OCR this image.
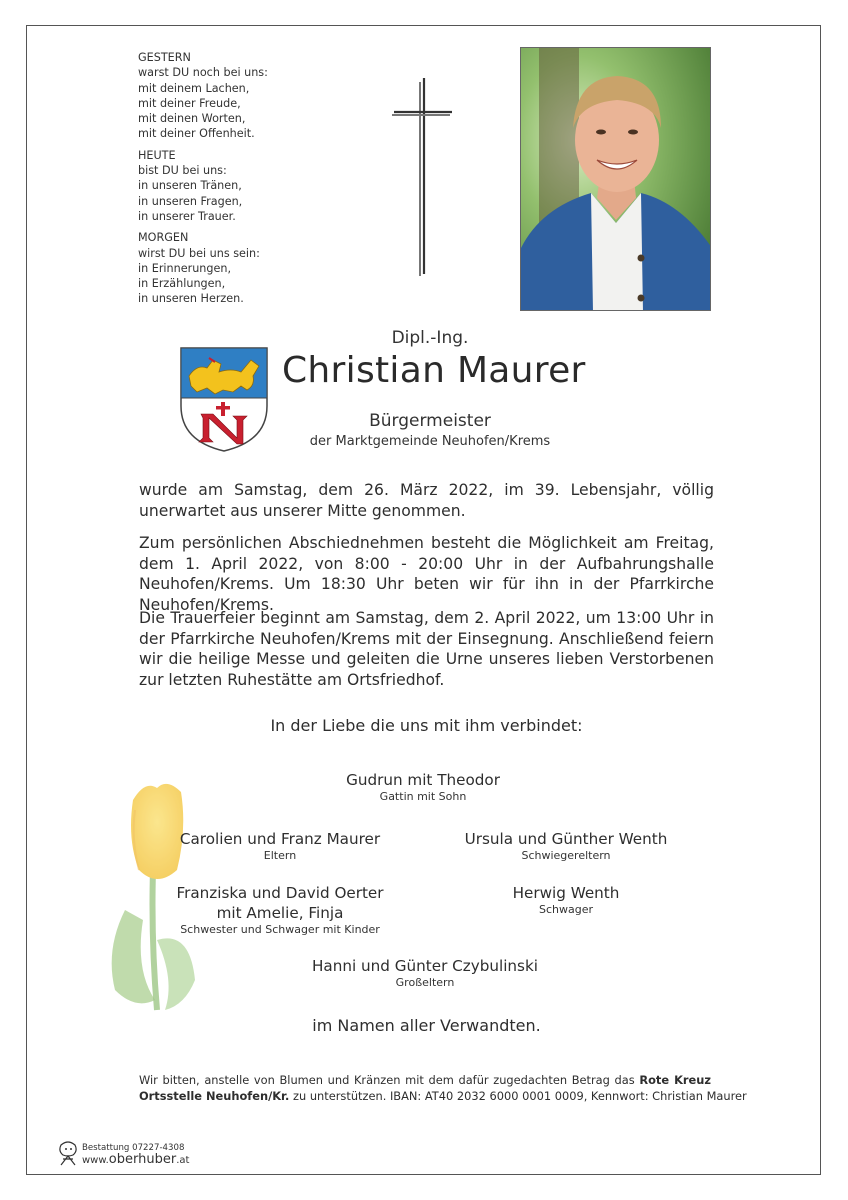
GESTERN
warst DU noch bei uns:
mit deinem Lachen,
mit deiner Freude,
mit deinen Worten,
mit deiner Offenheit.
HEUTE
bist DU bei uns:
in unseren Tränen,
in unseren Fragen,
in unserer Trauer.
MORGEN
wirst DU bei uns sein:
in Erinnerungen,
in Erzählungen,
in unseren Herzen.
Dipl.-Ing.
Christian Maurer
Bürgermeister
der Marktgemeinde Neuhofen/Krems

wurde am Samstag, dem 26. März 2022, im 39. Lebensjahr, völlig unerwartet aus unserer Mitte genommen.

Zum persönlichen Abschiednehmen besteht die Möglichkeit am Freitag, dem 1. April 2022, von 8:00 - 20:00 Uhr in der Aufbahrungshalle Neuhofen/Krems. Um 18:30 Uhr beten wir für ihn in der Pfarrkirche Neuhofen/Krems.

Die Trauerfeier beginnt am Samstag, dem 2. April 2022, um 13:00 Uhr in der Pfarrkirche Neuhofen/Krems mit der Einsegnung. Anschließend feiern wir die heilige Messe und geleiten die Urne unseres lieben Verstorbenen zur letzten Ruhestätte am Ortsfriedhof.

In der Liebe die uns mit ihm verbindet:
Gudrun mit Theodor
Gattin mit Sohn
Carolien und Franz Maurer
Eltern
Ursula und Günther Wenth
Schwiegereltern
Franziska und David Oerter
mit Amelie, Finja
Schwester und Schwager mit Kinder
Herwig Wenth
Schwager
Hanni und Günter Czybulinski
Großeltern
im Namen aller Verwandten.
Wir bitten, anstelle von Blumen und Kränzen mit dem dafür zugedachten Betrag das Rote Kreuz
Ortsstelle Neuhofen/Kr. zu unterstützen. IBAN: AT40 2032 6000 0001 0009, Kennwort: Christian Maurer
Bestattung 07227-4308
www.oberhuber.at
